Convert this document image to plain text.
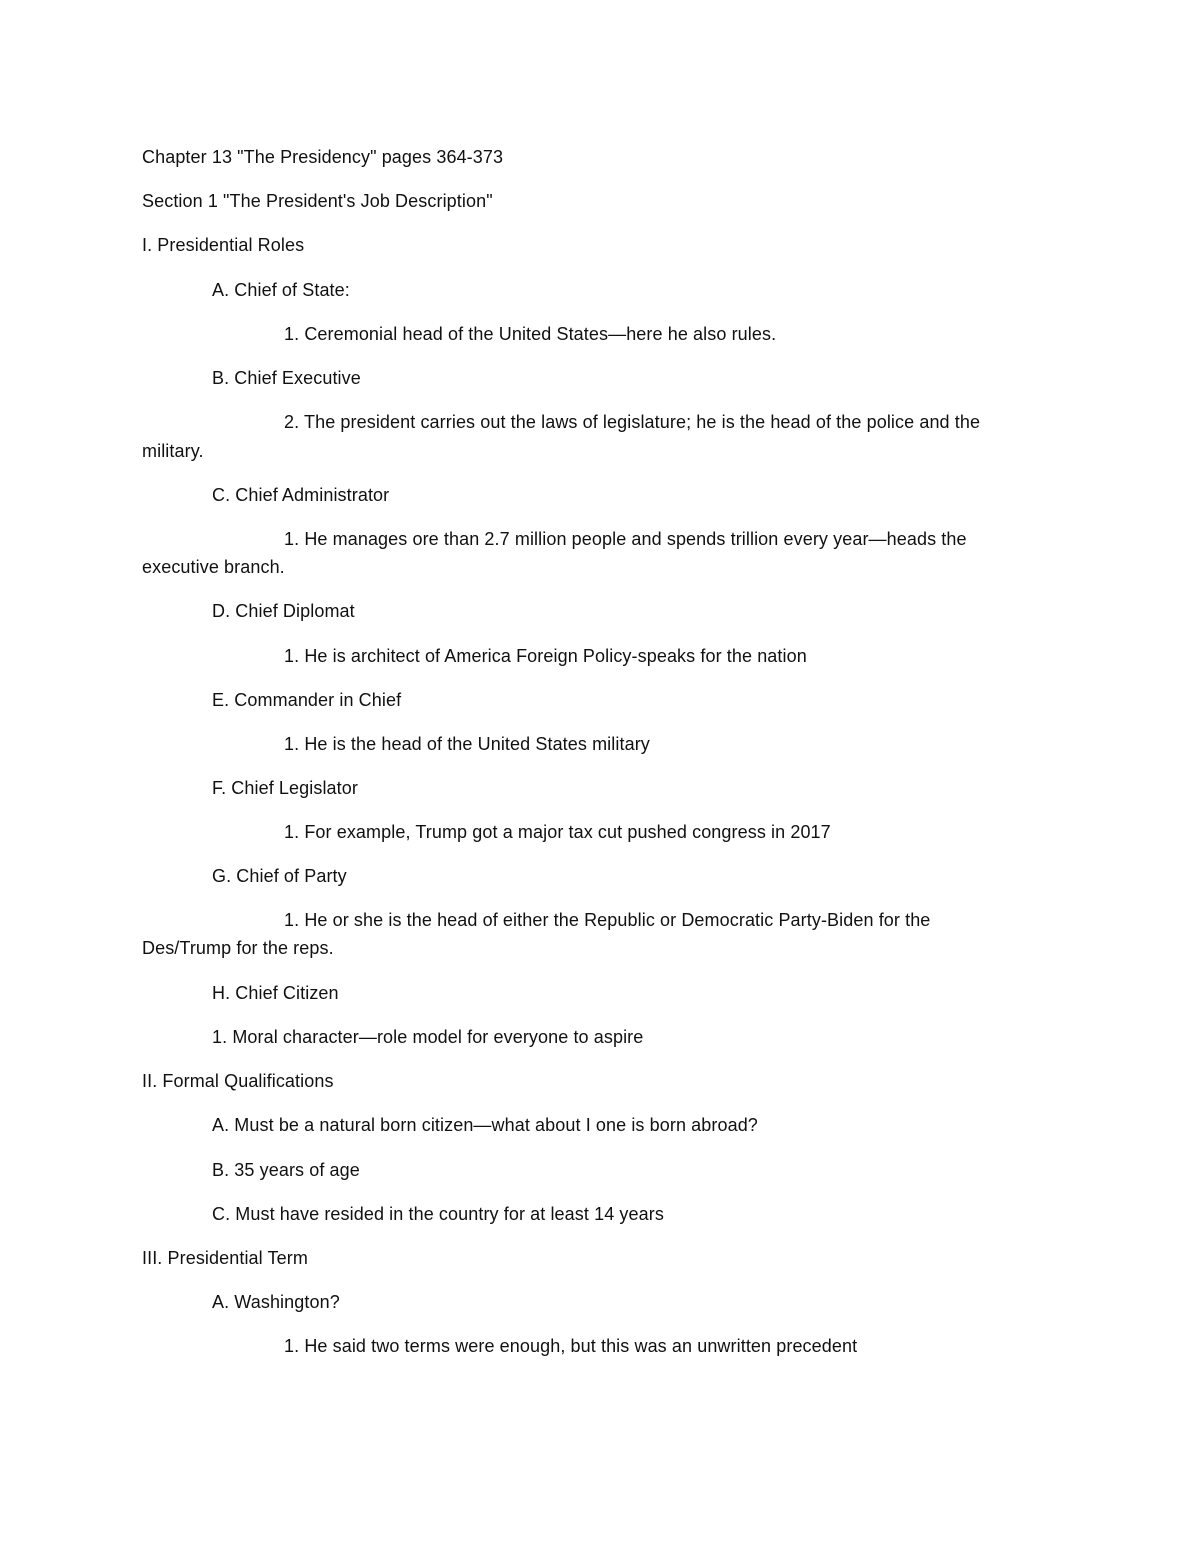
Chapter 13 "The Presidency" pages 364-373
Section 1 "The President's Job Description"
I. Presidential Roles
A. Chief of State:
1. Ceremonial head of the United States—here he also rules.
B. Chief Executive
2. The president carries out the laws of legislature; he is the head of the police and the
military.
C. Chief Administrator
1. He manages ore than 2.7 million people and spends trillion every year—heads the
executive branch.
D. Chief Diplomat
1. He is architect of America Foreign Policy-speaks for the nation
E. Commander in Chief
1. He is the head of the United States military
F. Chief Legislator
1. For example, Trump got a major tax cut pushed congress in 2017
G. Chief of Party
1. He or she is the head of either the Republic or Democratic Party-Biden for the
Des/Trump for the reps.
H. Chief Citizen
1. Moral character—role model for everyone to aspire
II. Formal Qualifications
A. Must be a natural born citizen—what about I one is born abroad?
B. 35 years of age
C. Must have resided in the country for at least 14 years
III. Presidential Term
A. Washington?
1. He said two terms were enough, but this was an unwritten precedent
